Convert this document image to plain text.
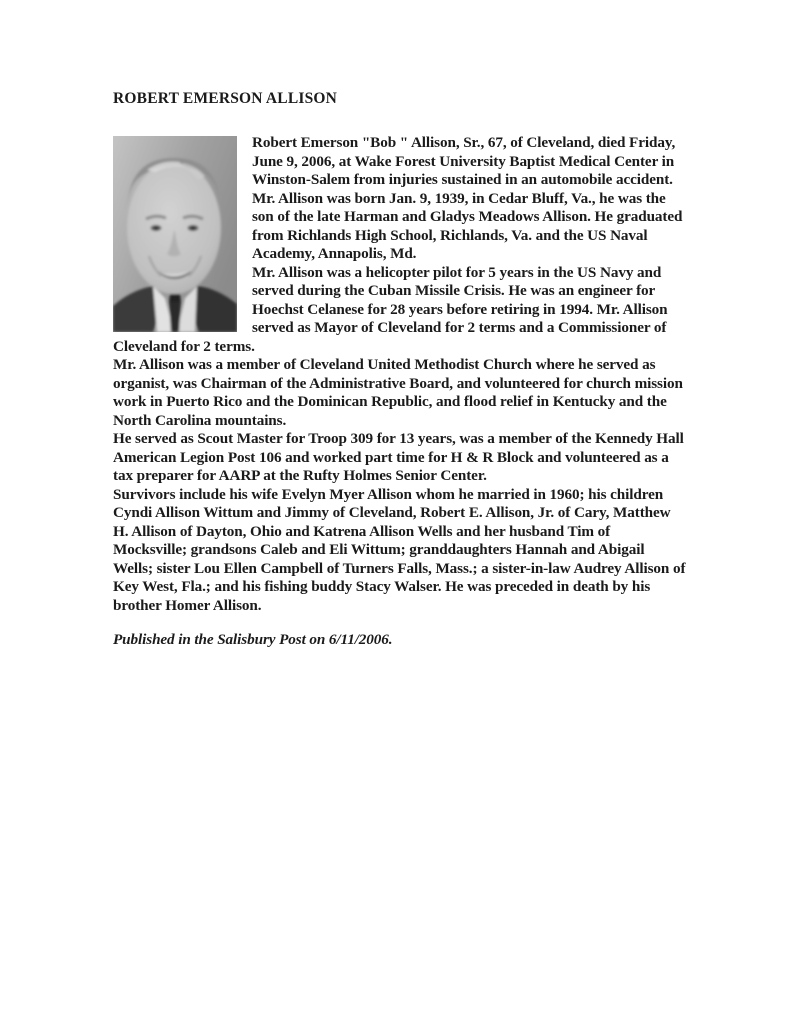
ROBERT EMERSON ALLISON

Robert Emerson "Bob " Allison, Sr., 67, of Cleveland, died Friday, June 9, 2006, at Wake Forest University Baptist Medical Center in Winston-Salem from injuries sustained in an automobile accident.

Mr. Allison was born Jan. 9, 1939, in Cedar Bluff, Va., he was the son of the late Harman and Gladys Meadows Allison. He graduated from Richlands High School, Richlands, Va. and the US Naval Academy, Annapolis, Md.

Mr. Allison was a helicopter pilot for 5 years in the US Navy and served during the Cuban Missile Crisis. He was an engineer for Hoechst Celanese for 28 years before retiring in 1994. Mr. Allison served as Mayor of Cleveland for 2 terms and a Commissioner of Cleveland for 2 terms.

Mr. Allison was a member of Cleveland United Methodist Church where he served as organist, was Chairman of the Administrative Board, and volunteered for church mission work in Puerto Rico and the Dominican Republic, and flood relief in Kentucky and the North Carolina mountains.

He served as Scout Master for Troop 309 for 13 years, was a member of the Kennedy Hall American Legion Post 106 and worked part time for H & R Block and volunteered as a tax preparer for AARP at the Rufty Holmes Senior Center.

Survivors include his wife Evelyn Myer Allison whom he married in 1960; his children Cyndi Allison Wittum and Jimmy of Cleveland, Robert E. Allison, Jr. of Cary, Matthew H. Allison of Dayton, Ohio and Katrena Allison Wells and her husband Tim of Mocksville; grandsons Caleb and Eli Wittum; granddaughters Hannah and Abigail Wells; sister Lou Ellen Campbell of Turners Falls, Mass.; a sister-in-law Audrey Allison of Key West, Fla.; and his fishing buddy Stacy Walser. He was preceded in death by his brother Homer Allison.

Published in the Salisbury Post on 6/11/2006.
